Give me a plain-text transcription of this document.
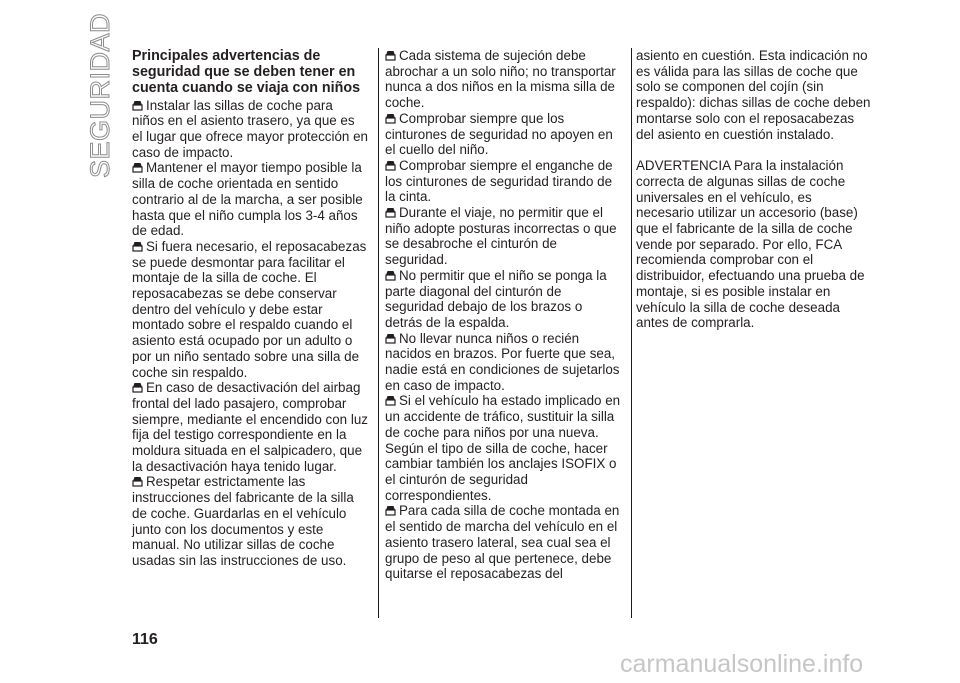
SEGURIDAD Principales advertencias de seguridad que se deben tener en cuenta cuando se viaja con niños

Instalar las sillas de coche para niños en el asiento trasero, ya que es el lugar que ofrece mayor protección en caso de impacto.

Mantener el mayor tiempo posible la silla de coche orientada en sentido contrario al de la marcha, a ser posible hasta que el niño cumpla los 3-4 años de edad.

Si fuera necesario, el reposacabezas se puede desmontar para facilitar el montaje de la silla de coche. El reposacabezas se debe conservar dentro del vehículo y debe estar montado sobre el respaldo cuando el asiento está ocupado por un adulto o por un niño sentado sobre una silla de coche sin respaldo.

En caso de desactivación del airbag frontal del lado pasajero, comprobar siempre, mediante el encendido con luz fija del testigo correspondiente en la moldura situada en el salpicadero, que la desactivación haya tenido lugar.

Respetar estrictamente las instrucciones del fabricante de la silla de coche. Guardarlas en el vehículo junto con los documentos y este manual. No utilizar sillas de coche usadas sin las instrucciones de uso.

Cada sistema de sujeción debe abrochar a un solo niño; no transportar nunca a dos niños en la misma silla de coche.

Comprobar siempre que los cinturones de seguridad no apoyen en el cuello del niño.

Comprobar siempre el enganche de los cinturones de seguridad tirando de la cinta.

Durante el viaje, no permitir que el niño adopte posturas incorrectas o que se desabroche el cinturón de seguridad.

No permitir que el niño se ponga la parte diagonal del cinturón de seguridad debajo de los brazos o detrás de la espalda.

No llevar nunca niños o recién nacidos en brazos. Por fuerte que sea, nadie está en condiciones de sujetarlos en caso de impacto.

Si el vehículo ha estado implicado en un accidente de tráfico, sustituir la silla de coche para niños por una nueva. Según el tipo de silla de coche, hacer cambiar también los anclajes ISOFIX o el cinturón de seguridad correspondientes.

Para cada silla de coche montada en el sentido de marcha del vehículo en el asiento trasero lateral, sea cual sea el grupo de peso al que pertenece, debe quitarse el reposacabezas del

asiento en cuestión. Esta indicación no es válida para las sillas de coche que solo se componen del cojín (sin respaldo): dichas sillas de coche deben montarse solo con el reposacabezas del asiento en cuestión instalado.

ADVERTENCIA Para la instalación correcta de algunas sillas de coche universales en el vehículo, es necesario utilizar un accesorio (base) que el fabricante de la silla de coche vende por separado. Por ello, FCA recomienda comprobar con el distribuidor, efectuando una prueba de montaje, si es posible instalar en vehículo la silla de coche deseada antes de comprarla.

116
carmanualsonline.info
